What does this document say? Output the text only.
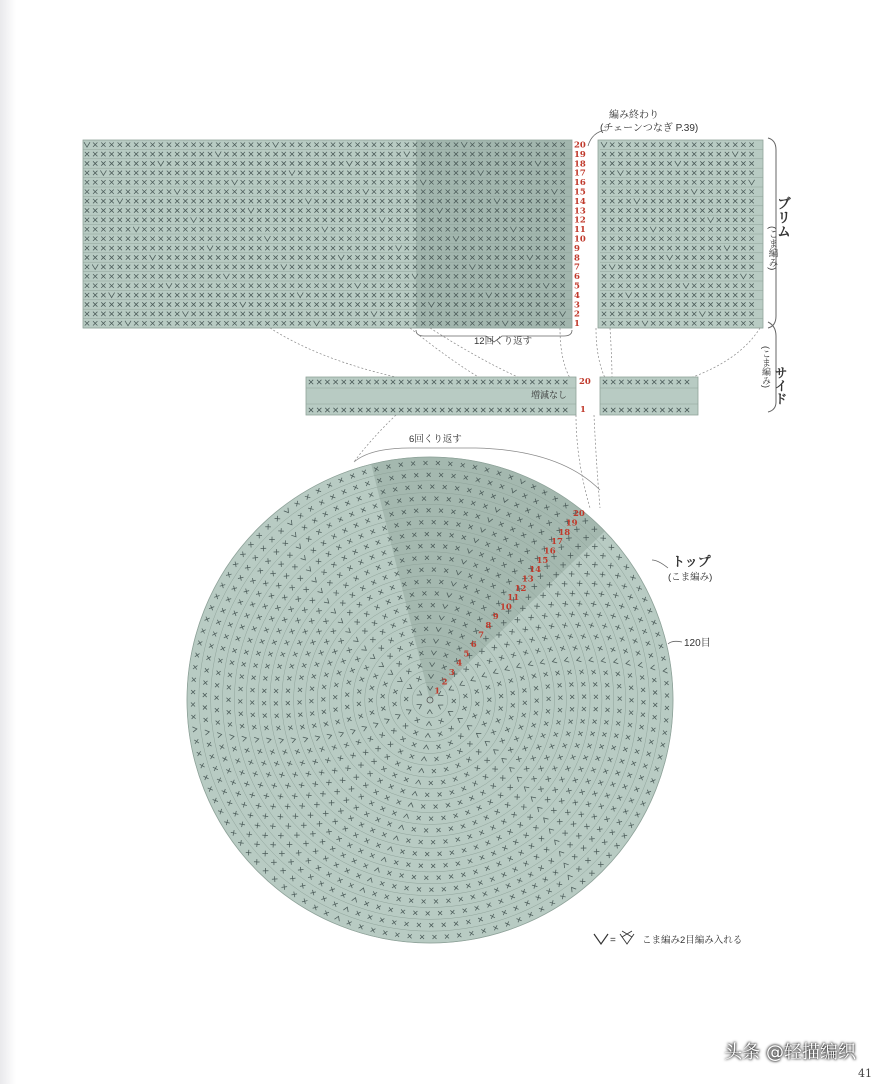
1
2
3
4
5
6
7
8
9
10
11
12
13
14
15
16
17
18
19
20
ブリム
(こま編み)
編み終わり
(チェーンつなぎ P.39)
12回くり返す
20
1
増減なし	サイド
(こま編み)
6回くり返す
1
2
3
4
5
6
7
8
9
10
11
12
13
14
15
16
17
18
19
20
トップ
(こま編み)
120目
=	こま編み2目編み入れる
头条 @轻描编织
41
